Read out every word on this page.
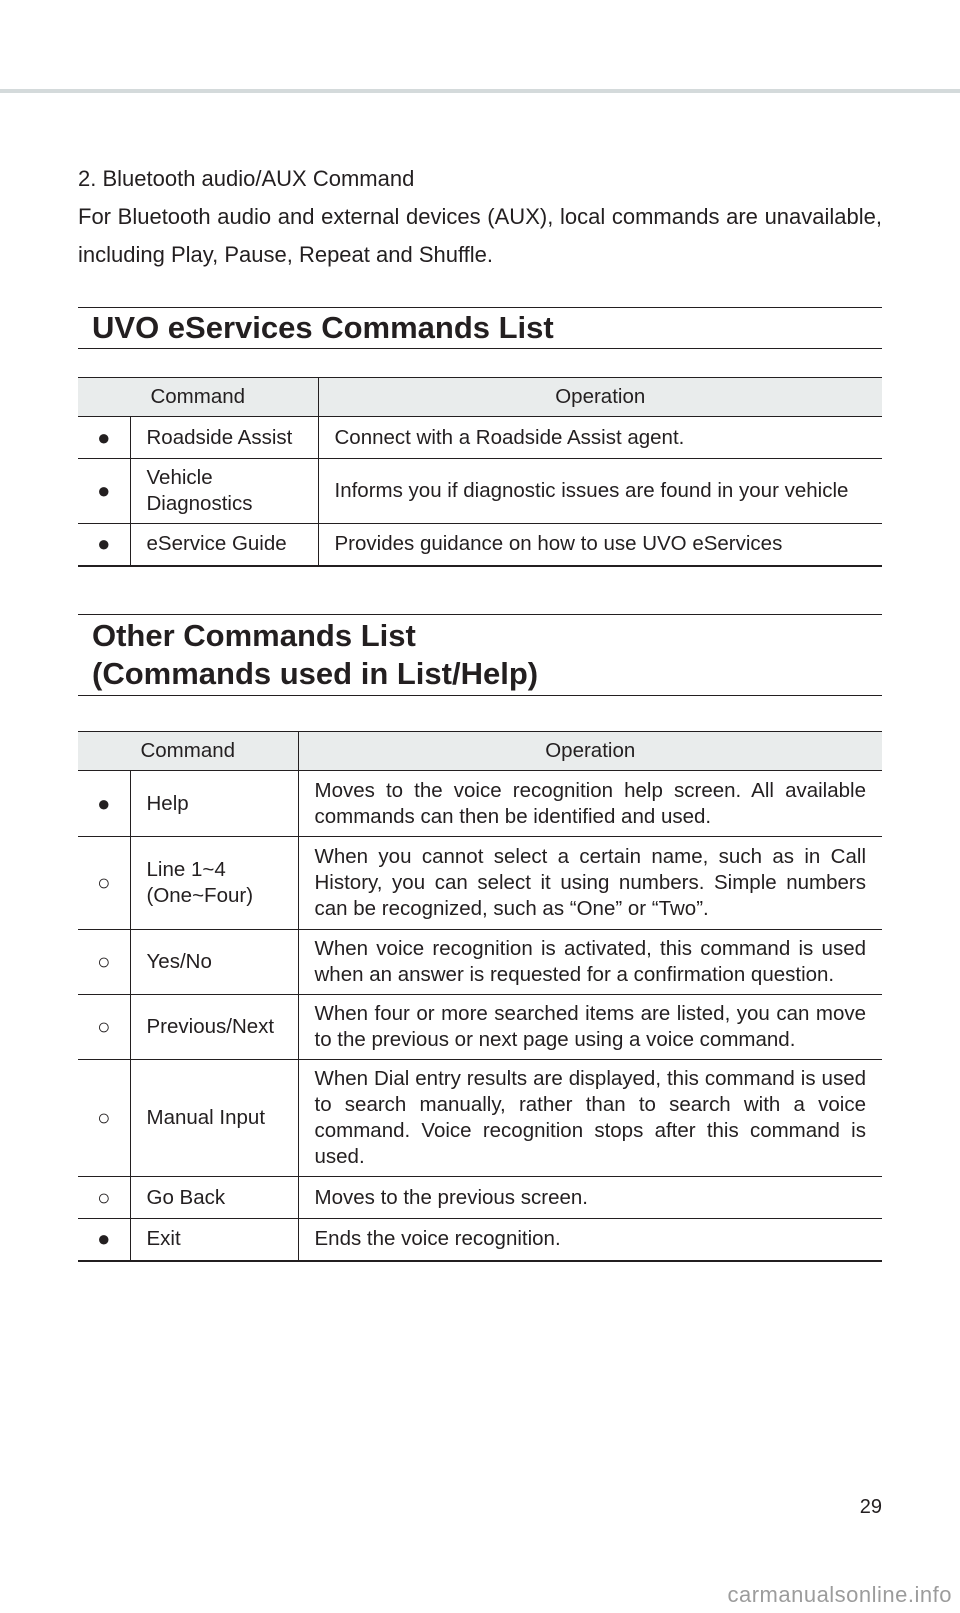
2. Bluetooth audio/AUX Command

For Bluetooth audio and external devices (AUX), local commands are unavailable, including Play, Pause, Repeat and Shuffle.

UVO eServices Commands List
Command		Operation
●	Roadside Assist	Connect with a Roadside Assist agent.
●	Vehicle Diagnostics	Informs you if diagnostic issues are found in your vehicle
●	eService Guide	Provides guidance on how to use UVO eServices
Other Commands List
(Commands used in List/Help)
Command		Operation
●	Help	Moves to the voice recognition help screen. All available commands can then be identified and used.
○	Line 1~4 (One~Four)	When you cannot select a certain name, such as in Call History, you can select it using numbers. Simple numbers can be recognized, such as “One” or “Two”.
○	Yes/No	When voice recognition is activated, this command is used when an answer is requested for a confirmation question.
○	Previous/Next	When four or more searched items are listed, you can move to the previous or next page using a voice command.
○	Manual Input	When Dial entry results are displayed, this command is used to search manually, rather than to search with a voice command. Voice recognition stops after this command is used.
○	Go Back	Moves to the previous screen.
●	Exit	Ends the voice recognition.
29
carmanualsonline.info
